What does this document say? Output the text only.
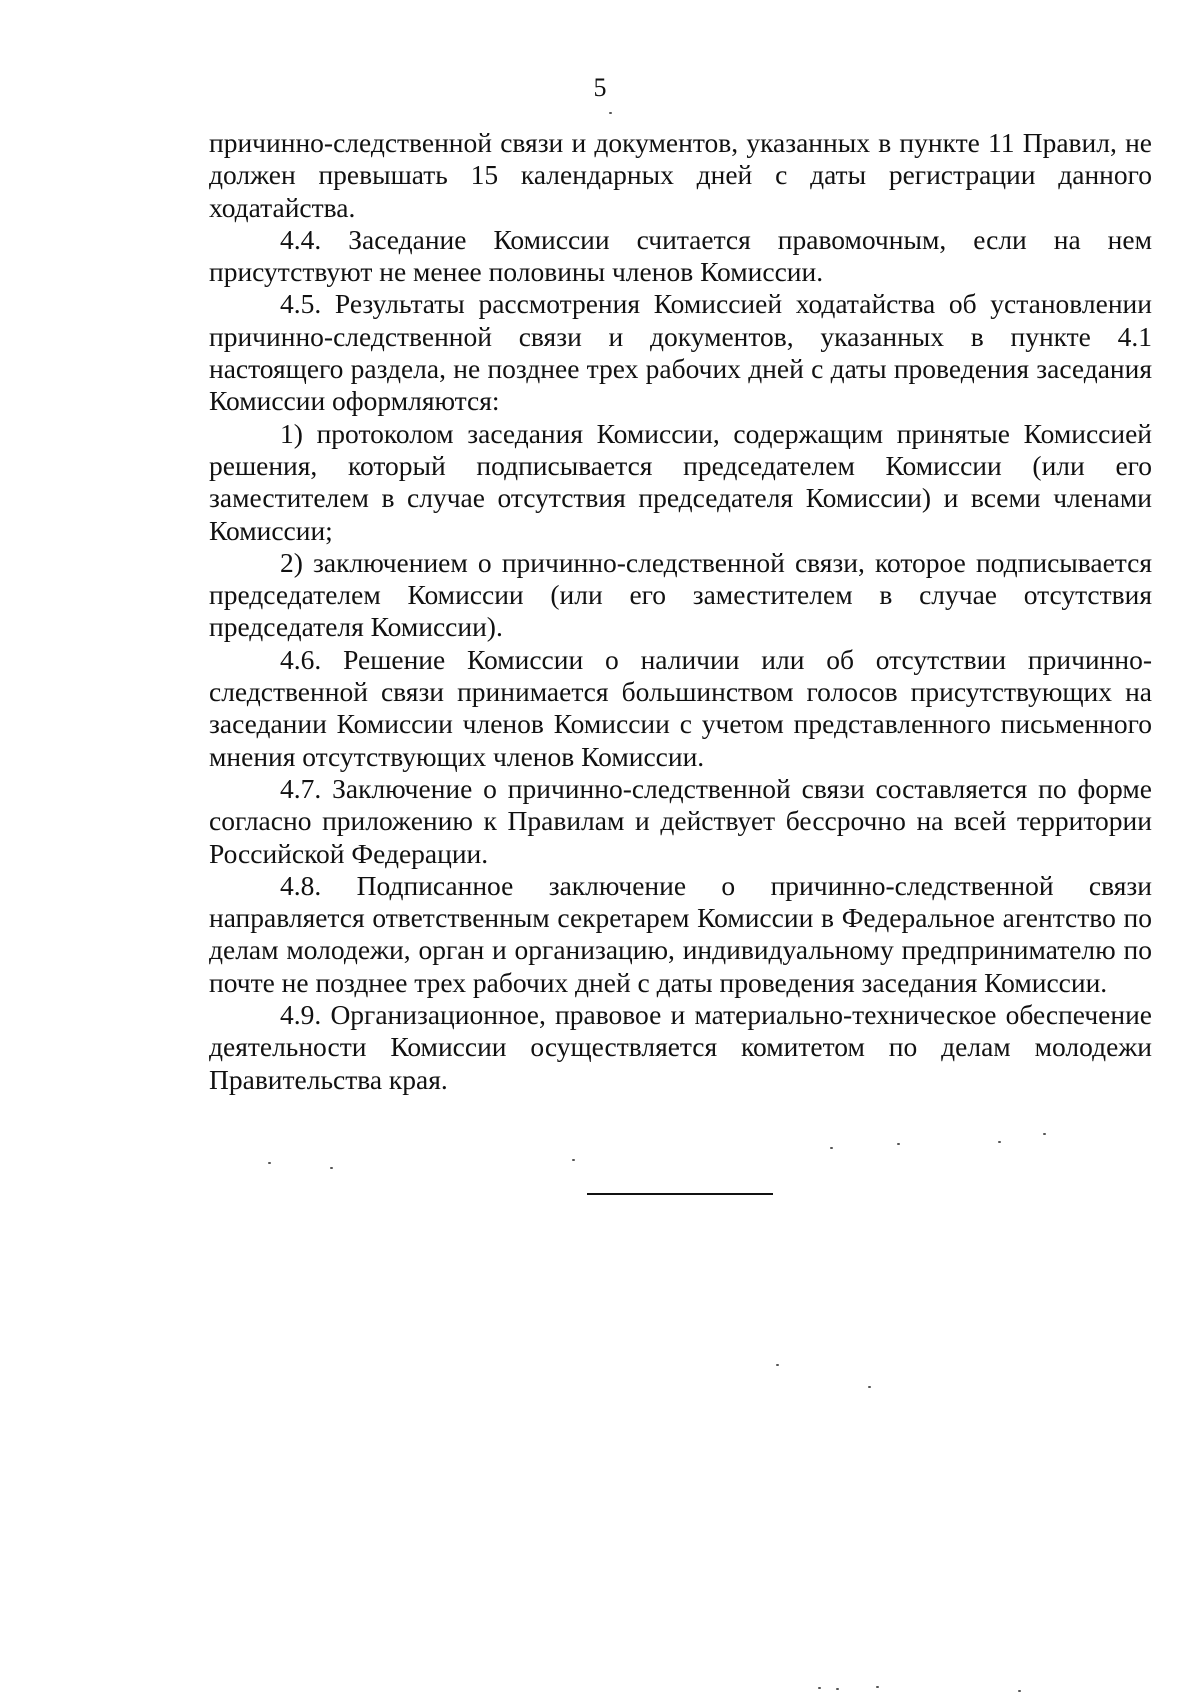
5

причинно-следственной связи и документов, указанных в пункте 11 Правил, не должен превышать 15 календарных дней с даты регистрации данного ходатайства.

4.4. Заседание Комиссии считается правомочным, если на нем присутствуют не менее половины членов Комиссии.

4.5. Результаты рассмотрения Комиссией ходатайства об установлении причинно-следственной связи и документов, указанных в пункте 4.1 настоящего раздела, не позднее трех рабочих дней с даты проведения заседания Комиссии оформляются:

1) протоколом заседания Комиссии, содержащим принятые Комиссией решения, который подписывается председателем Комиссии (или его заместителем в случае отсутствия председателя Комиссии) и всеми членами Комиссии;

2) заключением о причинно-следственной связи, которое подписывается председателем Комиссии (или его заместителем в случае отсутствия председателя Комиссии).

4.6. Решение Комиссии о наличии или об отсутствии причинно-следственной связи принимается большинством голосов присутствующих на заседании Комиссии членов Комиссии с учетом представленного письменного мнения отсутствующих членов Комиссии.

4.7. Заключение о причинно-следственной связи составляется по форме согласно приложению к Правилам и действует бессрочно на всей территории Российской Федерации.

4.8. Подписанное заключение о причинно-следственной связи направляется ответственным секретарем Комиссии в Федеральное агентство по делам молодежи, орган и организацию, индивидуальному предпринимателю по почте не позднее трех рабочих дней с даты проведения заседания Комиссии.

4.9. Организационное, правовое и материально-техническое обеспечение деятельности Комиссии осуществляется комитетом по делам молодежи Правительства края.
